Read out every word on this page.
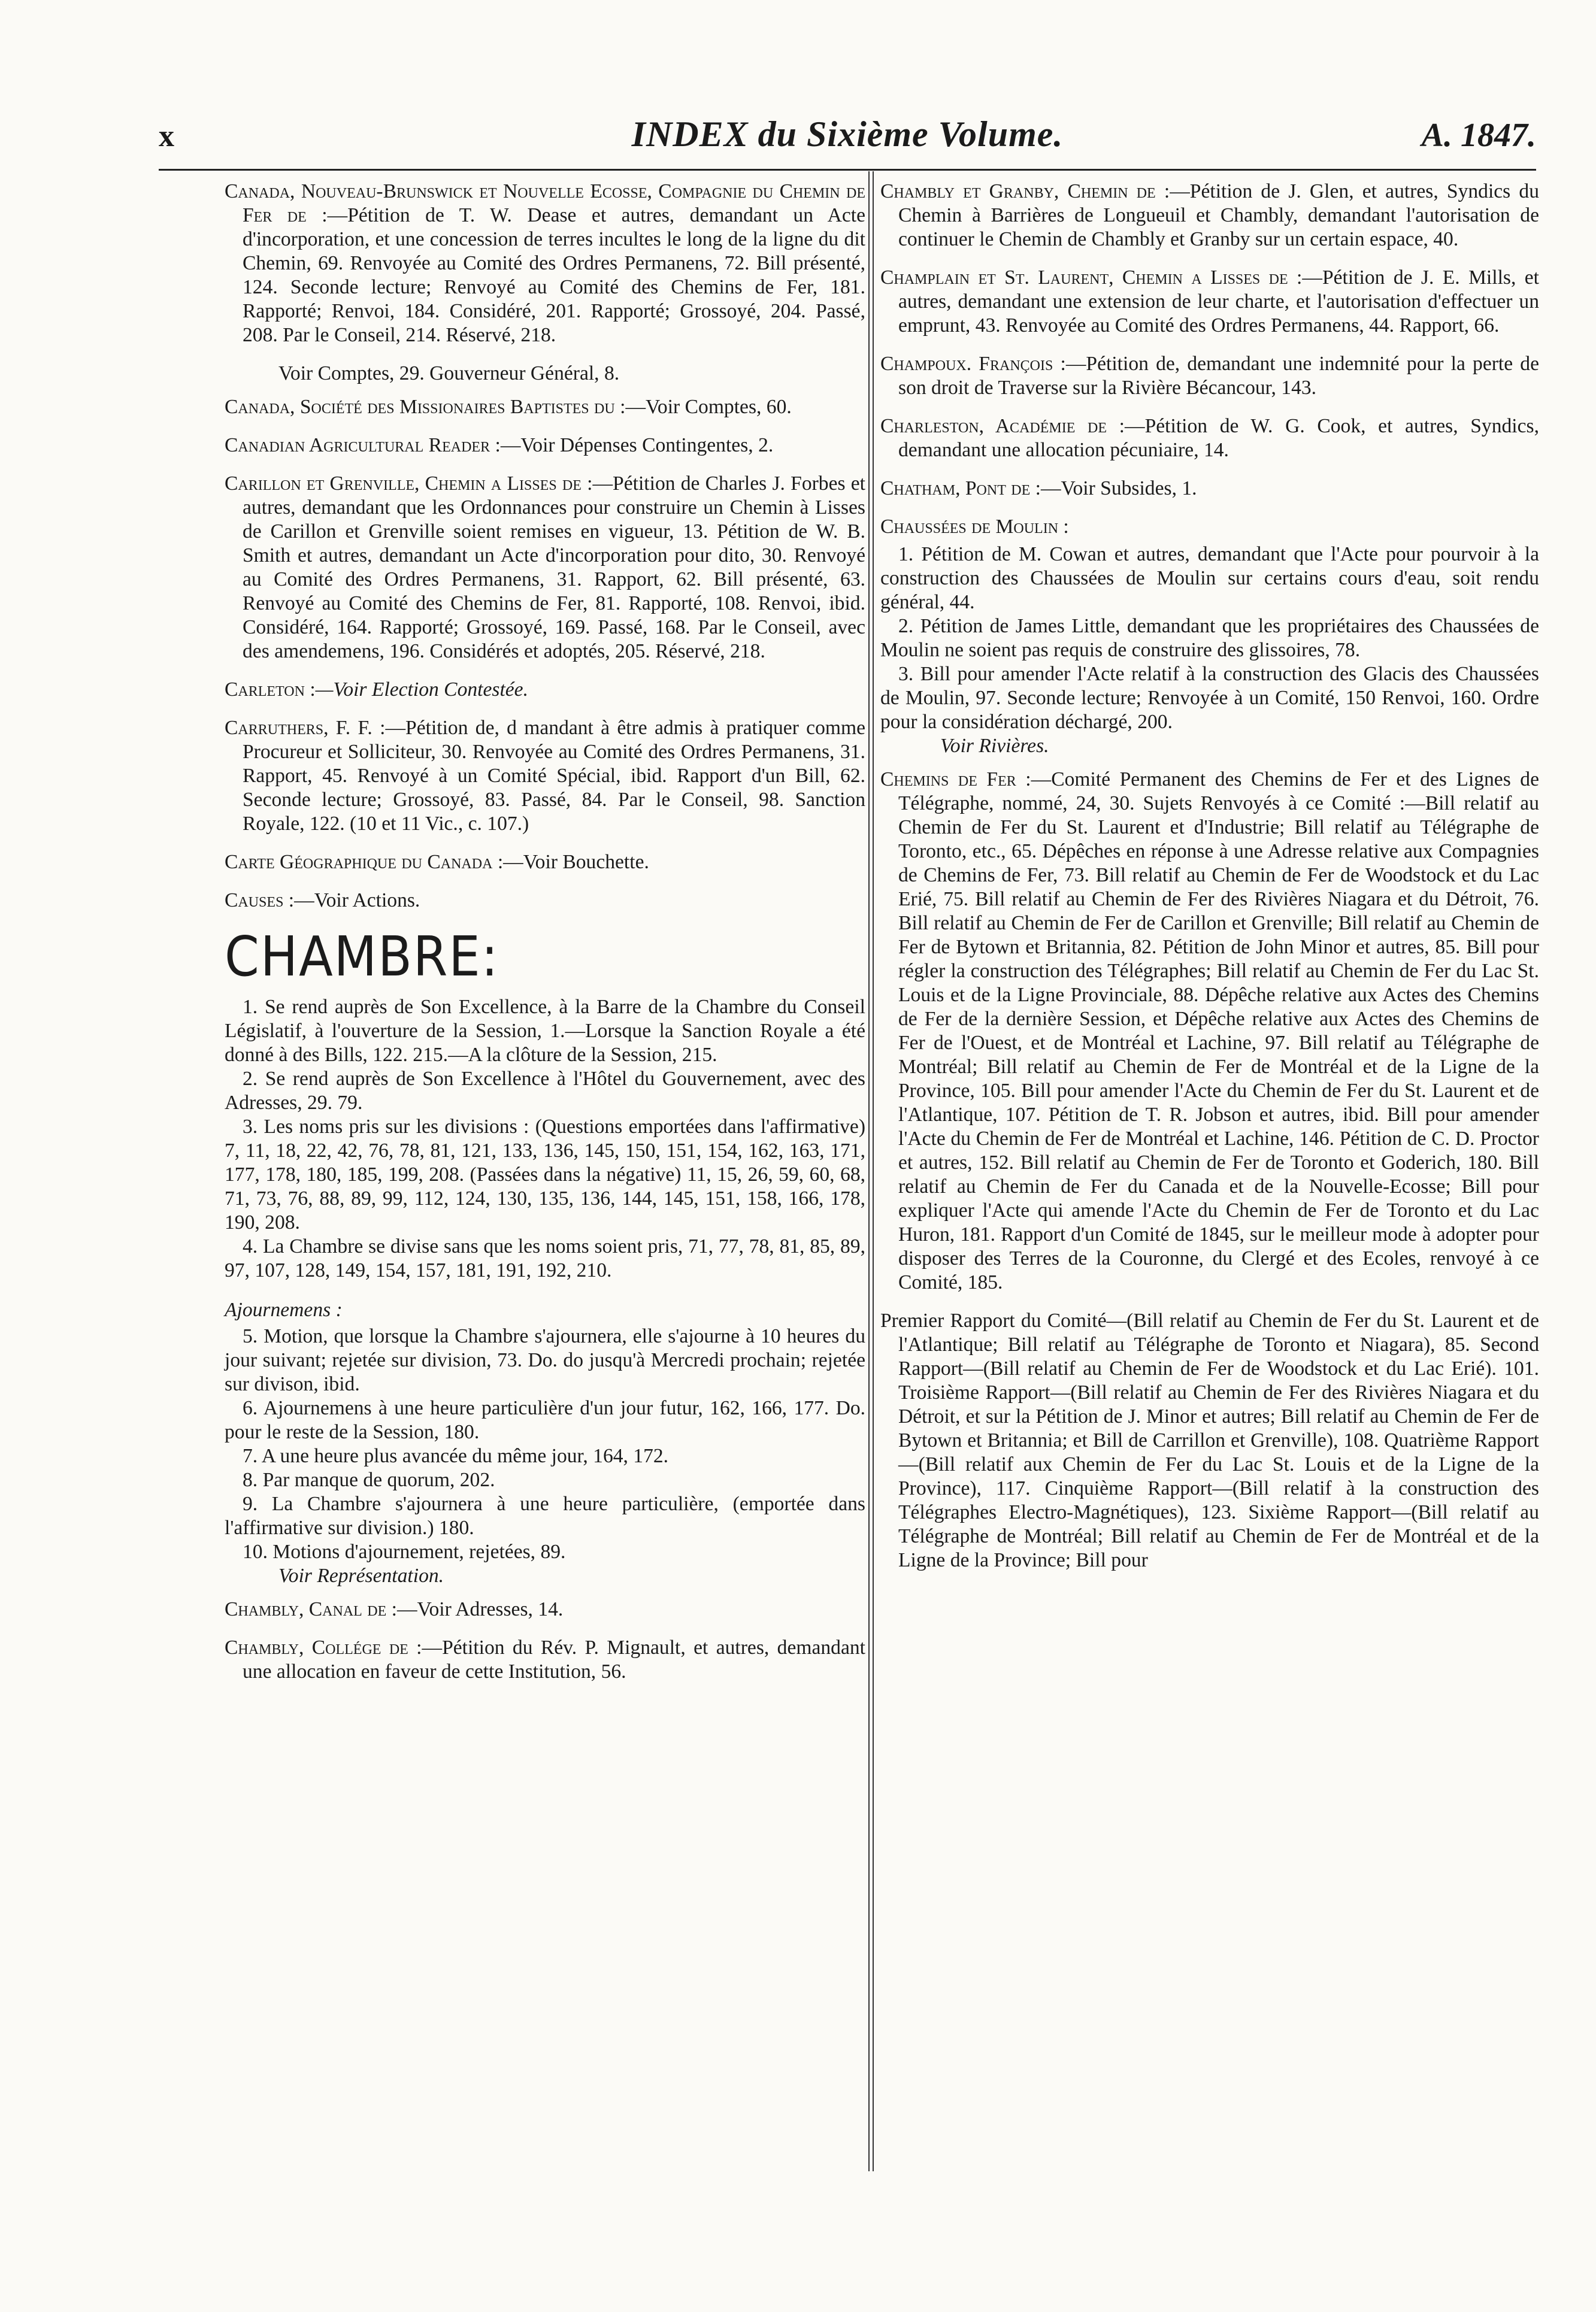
x	INDEX du Sixième Volume.	A. 1847.

Canada, Nouveau-Brunswick et Nouvelle Ecosse, Compagnie du Chemin de Fer de :—Pétition de T. W. Dease et autres, demandant un Acte d'incorporation, et une concession de terres incultes le long de la ligne du dit Chemin, 69. Renvoyée au Comité des Ordres Permanens, 72. Bill présenté, 124. Seconde lecture; Renvoyé au Comité des Chemins de Fer, 181. Rapporté; Renvoi, 184. Considéré, 201. Rapporté; Grossoyé, 204. Passé, 208. Par le Conseil, 214. Réservé, 218.

Voir Comptes, 29. Gouverneur Général, 8.

Canada, Société des Missionaires Baptistes du :—Voir Comptes, 60.

Canadian Agricultural Reader :—Voir Dépenses Contingentes, 2.

Carillon et Grenville, Chemin a Lisses de :—Pétition de Charles J. Forbes et autres, demandant que les Ordonnances pour construire un Chemin à Lisses de Carillon et Grenville soient remises en vigueur, 13. Pétition de W. B. Smith et autres, demandant un Acte d'incorporation pour dito, 30. Renvoyé au Comité des Ordres Permanens, 31. Rapport, 62. Bill présenté, 63. Renvoyé au Comité des Chemins de Fer, 81. Rapporté, 108. Renvoi, ibid. Considéré, 164. Rapporté; Grossoyé, 169. Passé, 168. Par le Conseil, avec des amendemens, 196. Considérés et adoptés, 205. Réservé, 218.

Carleton :—Voir Election Contestée.

Carruthers, F. F. :—Pétition de, d mandant à être admis à pratiquer comme Procureur et Solliciteur, 30. Renvoyée au Comité des Ordres Permanens, 31. Rapport, 45. Renvoyé à un Comité Spécial, ibid. Rapport d'un Bill, 62. Seconde lecture; Grossoyé, 83. Passé, 84. Par le Conseil, 98. Sanction Royale, 122. (10 et 11 Vic., c. 107.)

Carte Géographique du Canada :—Voir Bouchette.

Causes :—Voir Actions.

CHAMBRE:

1. Se rend auprès de Son Excellence, à la Barre de la Chambre du Conseil Législatif, à l'ouverture de la Session, 1.—Lorsque la Sanction Royale a été donné à des Bills, 122. 215.—A la clôture de la Session, 215.

2. Se rend auprès de Son Excellence à l'Hôtel du Gouvernement, avec des Adresses, 29. 79.

3. Les noms pris sur les divisions : (Questions emportées dans l'affirmative) 7, 11, 18, 22, 42, 76, 78, 81, 121, 133, 136, 145, 150, 151, 154, 162, 163, 171, 177, 178, 180, 185, 199, 208. (Passées dans la négative) 11, 15, 26, 59, 60, 68, 71, 73, 76, 88, 89, 99, 112, 124, 130, 135, 136, 144, 145, 151, 158, 166, 178, 190, 208.

4. La Chambre se divise sans que les noms soient pris, 71, 77, 78, 81, 85, 89, 97, 107, 128, 149, 154, 157, 181, 191, 192, 210.

Ajournemens :

5. Motion, que lorsque la Chambre s'ajournera, elle s'ajourne à 10 heures du jour suivant; rejetée sur division, 73. Do. do jusqu'à Mercredi prochain; rejetée sur divison, ibid.

6. Ajournemens à une heure particulière d'un jour futur, 162, 166, 177. Do. pour le reste de la Session, 180.

7. A une heure plus avancée du même jour, 164, 172.

8. Par manque de quorum, 202.

9. La Chambre s'ajournera à une heure particulière, (emportée dans l'affirmative sur division.) 180.

10. Motions d'ajournement, rejetées, 89.

Voir Représentation.

Chambly, Canal de :—Voir Adresses, 14.

Chambly, Collége de :—Pétition du Rév. P. Mignault, et autres, demandant une allocation en faveur de cette Institution, 56.

Chambly et Granby, Chemin de :—Pétition de J. Glen, et autres, Syndics du Chemin à Barrières de Longueuil et Chambly, demandant l'autorisation de continuer le Chemin de Chambly et Granby sur un certain espace, 40.

Champlain et St. Laurent, Chemin a Lisses de :—Pétition de J. E. Mills, et autres, demandant une extension de leur charte, et l'autorisation d'effectuer un emprunt, 43. Renvoyée au Comité des Ordres Permanens, 44. Rapport, 66.

Champoux. François :—Pétition de, demandant une indemnité pour la perte de son droit de Traverse sur la Rivière Bécancour, 143.

Charleston, Académie de :—Pétition de W. G. Cook, et autres, Syndics, demandant une allocation pécuniaire, 14.

Chatham, Pont de :—Voir Subsides, 1.

Chaussées de Moulin :

1. Pétition de M. Cowan et autres, demandant que l'Acte pour pourvoir à la construction des Chaussées de Moulin sur certains cours d'eau, soit rendu général, 44.

2. Pétition de James Little, demandant que les propriétaires des Chaussées de Moulin ne soient pas requis de construire des glissoires, 78.

3. Bill pour amender l'Acte relatif à la construction des Glacis des Chaussées de Moulin, 97. Seconde lecture; Renvoyée à un Comité, 150 Renvoi, 160. Ordre pour la considération déchargé, 200.

Voir Rivières.

Chemins de Fer :—Comité Permanent des Chemins de Fer et des Lignes de Télégraphe, nommé, 24, 30. Sujets Renvoyés à ce Comité :—Bill relatif au Chemin de Fer du St. Laurent et d'Industrie; Bill relatif au Télégraphe de Toronto, etc., 65. Dépêches en réponse à une Adresse relative aux Compagnies de Chemins de Fer, 73. Bill relatif au Chemin de Fer de Woodstock et du Lac Erié, 75. Bill relatif au Chemin de Fer des Rivières Niagara et du Détroit, 76. Bill relatif au Chemin de Fer de Carillon et Grenville; Bill relatif au Chemin de Fer de Bytown et Britannia, 82. Pétition de John Minor et autres, 85. Bill pour régler la construction des Télégraphes; Bill relatif au Chemin de Fer du Lac St. Louis et de la Ligne Provinciale, 88. Dépêche relative aux Actes des Chemins de Fer de la dernière Session, et Dépêche relative aux Actes des Chemins de Fer de l'Ouest, et de Montréal et Lachine, 97. Bill relatif au Télégraphe de Montréal; Bill relatif au Chemin de Fer de Montréal et de la Ligne de la Province, 105. Bill pour amender l'Acte du Chemin de Fer du St. Laurent et de l'Atlantique, 107. Pétition de T. R. Jobson et autres, ibid. Bill pour amender l'Acte du Chemin de Fer de Montréal et Lachine, 146. Pétition de C. D. Proctor et autres, 152. Bill relatif au Chemin de Fer de Toronto et Goderich, 180. Bill relatif au Chemin de Fer du Canada et de la Nouvelle-Ecosse; Bill pour expliquer l'Acte qui amende l'Acte du Chemin de Fer de Toronto et du Lac Huron, 181. Rapport d'un Comité de 1845, sur le meilleur mode à adopter pour disposer des Terres de la Couronne, du Clergé et des Ecoles, renvoyé à ce Comité, 185.

Premier Rapport du Comité—(Bill relatif au Chemin de Fer du St. Laurent et de l'Atlantique; Bill relatif au Télégraphe de Toronto et Niagara), 85. Second Rapport—(Bill relatif au Chemin de Fer de Woodstock et du Lac Erié). 101. Troisième Rapport—(Bill relatif au Chemin de Fer des Rivières Niagara et du Détroit, et sur la Pétition de J. Minor et autres; Bill relatif au Chemin de Fer de Bytown et Britannia; et Bill de Carrillon et Grenville), 108. Quatrième Rapport—(Bill relatif aux Chemin de Fer du Lac St. Louis et de la Ligne de la Province), 117. Cinquième Rapport—(Bill relatif à la construction des Télégraphes Electro-Magnétiques), 123. Sixième Rapport—(Bill relatif au Télégraphe de Montréal; Bill relatif au Chemin de Fer de Montréal et de la Ligne de la Province; Bill pour
